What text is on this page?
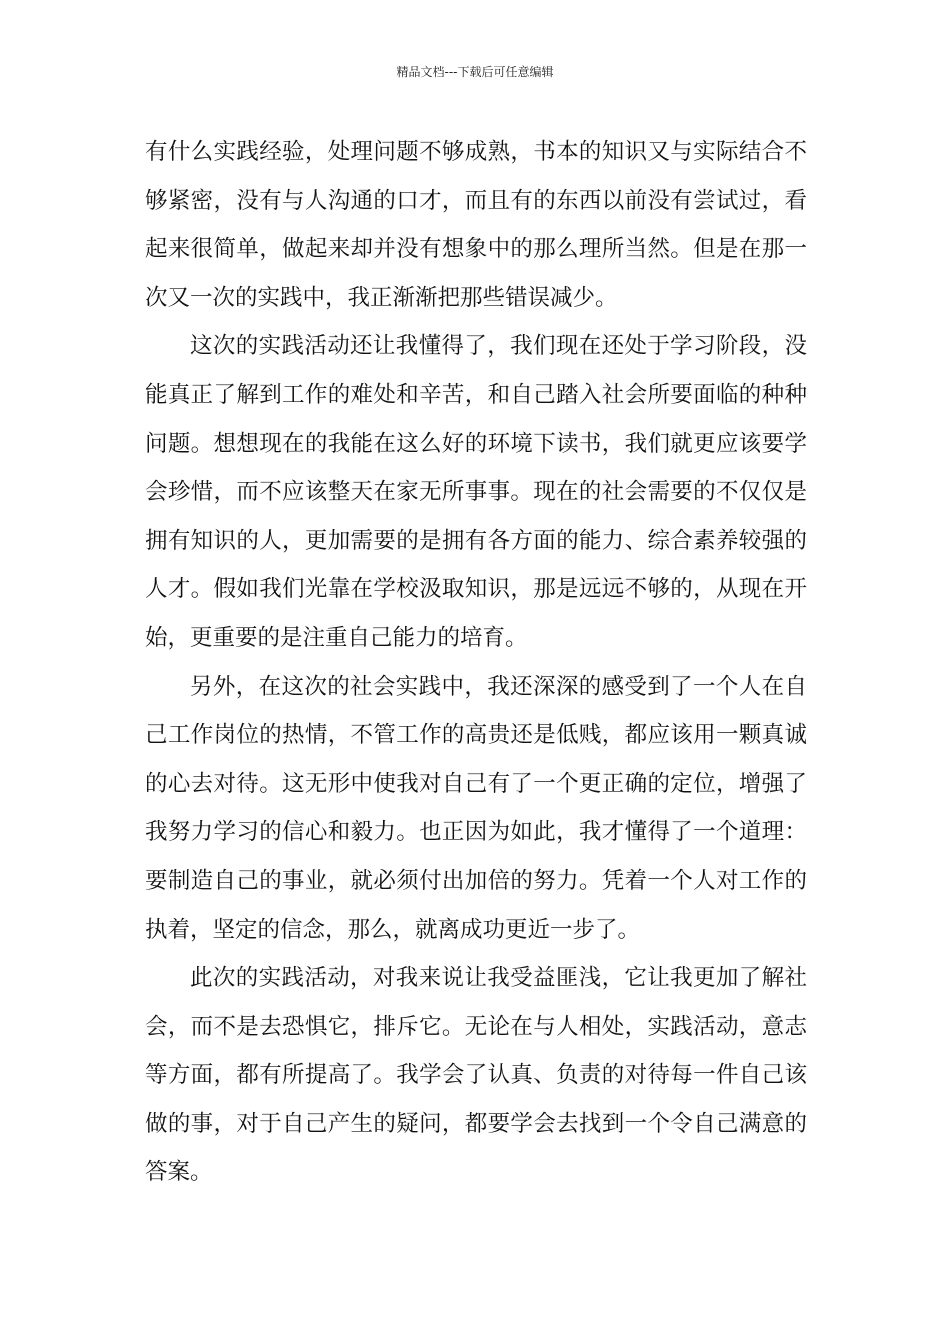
精品文档---下载后可任意编辑

有什么实践经验，处理问题不够成熟，书本的知识又与实际结合不够紧密，没有与人沟通的口才，而且有的东西以前没有尝试过，看起来很简单，做起来却并没有想象中的那么理所当然。但是在那一次又一次的实践中，我正渐渐把那些错误减少。

这次的实践活动还让我懂得了，我们现在还处于学习阶段，没能真正了解到工作的难处和辛苦，和自己踏入社会所要面临的种种问题。想想现在的我能在这么好的环境下读书，我们就更应该要学会珍惜，而不应该整天在家无所事事。现在的社会需要的不仅仅是拥有知识的人，更加需要的是拥有各方面的能力、综合素养较强的人才。假如我们光靠在学校汲取知识，那是远远不够的，从现在开始，更重要的是注重自己能力的培育。

另外，在这次的社会实践中，我还深深的感受到了一个人在自己工作岗位的热情，不管工作的高贵还是低贱，都应该用一颗真诚的心去对待。这无形中使我对自己有了一个更正确的定位，增强了我努力学习的信心和毅力。也正因为如此，我才懂得了一个道理：要制造自己的事业，就必须付出加倍的努力。凭着一个人对工作的执着，坚定的信念，那么，就离成功更近一步了。

此次的实践活动，对我来说让我受益匪浅，它让我更加了解社会，而不是去恐惧它，排斥它。无论在与人相处，实践活动，意志等方面，都有所提高了。我学会了认真、负责的对待每一件自己该做的事，对于自己产生的疑问，都要学会去找到一个令自己满意的答案。
